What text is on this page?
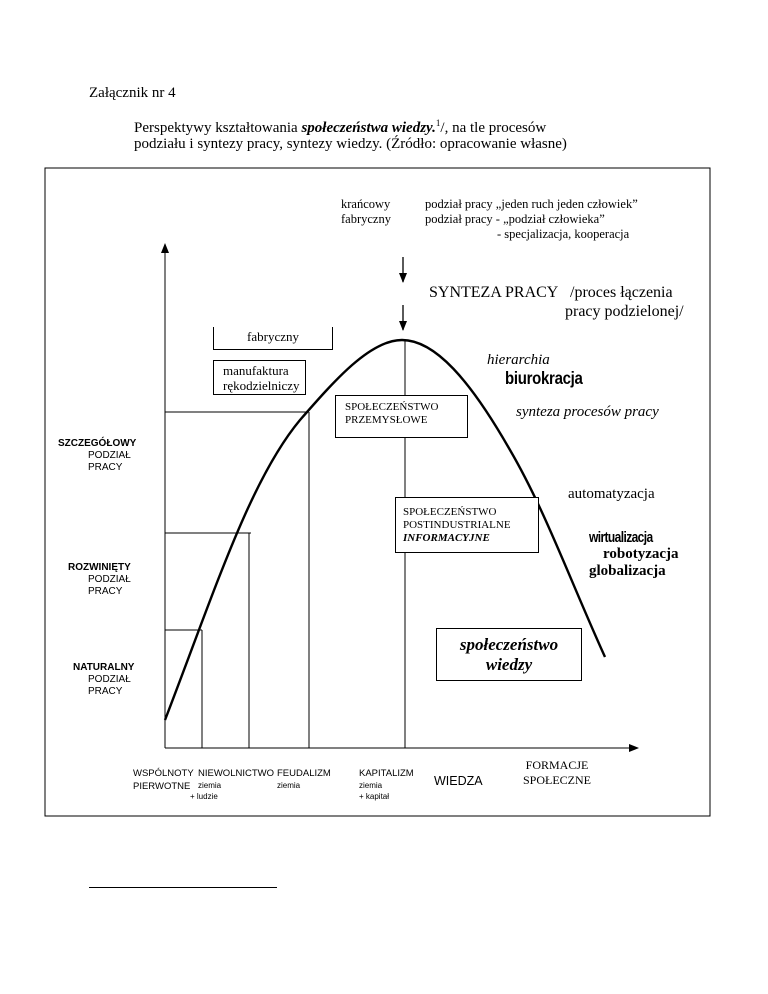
Załącznik nr 4
Perspektywy kształtowania społeczeństwa wiedzy.$^1$/, na tle procesów
podziału i syntezy pracy, syntezy wiedzy. (Źródło: opracowanie własne)
krańcowy
fabryczny
podział pracy „jeden ruch jeden człowiek”
podział pracy - „podział człowieka”
- specjalizacja, kooperacja
SYNTEZA PRACY /proces łączenia
pracy podzielonej/
fabryczny
manufaktura
rękodzielniczy
SPOŁECZEŃSTWO
PRZEMYSŁOWE
SPOŁECZEŃSTWO
POSTINDUSTRIALNE
INFORMACYJNE
społeczeństwo
wiedzy
hierarchia
biurokracja
synteza procesów pracy
automatyzacja
wirtualizacja
robotyzacja
globalizacja
SZCZEGÓŁOWY
PODZIAŁ
PRACY
ROZWINIĘTY
PODZIAŁ
PRACY
NATURALNY
PODZIAŁ
PRACY
WSPÓLNOTY
PIERWOTNE
NIEWOLNICTWO
ziemia
+ ludzie
FEUDALIZM
ziemia
KAPITALIZM
ziemia
+ kapitał
WIEDZA
FORMACJE
SPOŁECZNE
